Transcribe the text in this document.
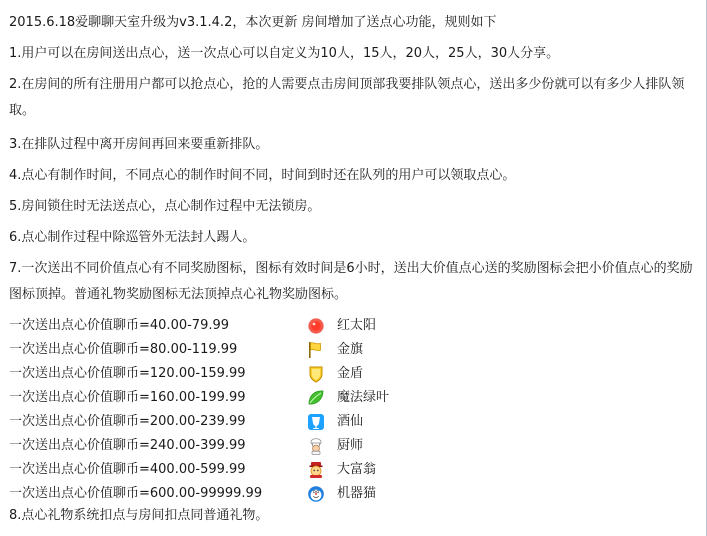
2015.6.18爱聊聊天室升级为v3.1.4.2，本次更新 房间增加了送点心功能，规则如下
1.用户可以在房间送出点心，送一次点心可以自定义为10人，15人，20人，25人，30人分享。
2.在房间的所有注册用户都可以抢点心，抢的人需要点击房间顶部我要排队领点心，送出多少份就可以有多少人排队领取。
3.在排队过程中离开房间再回来要重新排队。
4.点心有制作时间，不同点心的制作时间不同，时间到时还在队列的用户可以领取点心。
5.房间锁住时无法送点心，点心制作过程中无法锁房。
6.点心制作过程中除巡管外无法封人踢人。
7.一次送出不同价值点心有不同奖励图标，图标有效时间是6小时，送出大价值点心送的奖励图标会把小价值点心的奖励图标顶掉。普通礼物奖励图标无法顶掉点心礼物奖励图标。
一次送出点心价值聊币=40.00-79.99	红太阳
一次送出点心价值聊币=80.00-119.99	金旗
一次送出点心价值聊币=120.00-159.99	金盾
一次送出点心价值聊币=160.00-199.99	魔法绿叶
一次送出点心价值聊币=200.00-239.99	酒仙
一次送出点心价值聊币=240.00-399.99	厨师
一次送出点心价值聊币=400.00-599.99	大富翁
一次送出点心价值聊币=600.00-99999.99	机器猫
8.点心礼物系统扣点与房间扣点同普通礼物。
